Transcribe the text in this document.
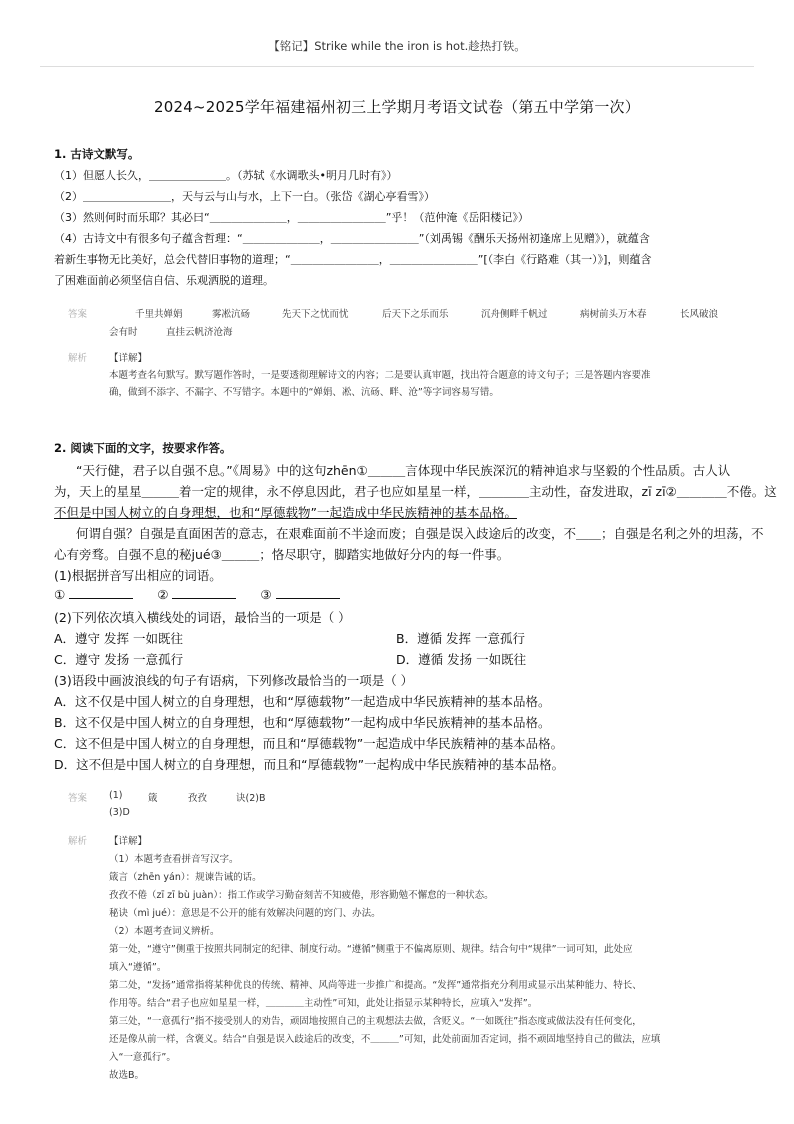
【铭记】Strike while the iron is hot.趁热打铁。
2024~2025学年福建福州初三上学期月考语文试卷（第五中学第一次）
1. 古诗文默写。
（1）但愿人长久，＿＿＿＿＿＿＿。（苏轼《水调歌头•明月几时有》）
（2）＿＿＿＿＿＿＿＿，天与云与山与水，上下一白。（张岱《湖心亭看雪》）
（3）然则何时而乐耶？其必曰“＿＿＿＿＿＿＿，＿＿＿＿＿＿＿＿”乎！（范仲淹《岳阳楼记》）
（4）古诗文中有很多句子蕴含哲理：“＿＿＿＿＿＿＿，＿＿＿＿＿＿＿＿”（刘禹锡《酬乐天扬州初逢席上见赠》），就蕴含
着新生事物无比美好，总会代替旧事物的道理；“＿＿＿＿＿＿＿＿，＿＿＿＿＿＿＿＿”[（李白《行路难（其一）》]，则蕴含
了困难面前必须坚信自信、乐观洒脱的道理。
答案	千里共婵娟	雾凇沆砀	先天下之忧而忧	后天下之乐而乐	沉舟侧畔千帆过	病树前头万木春	长风破浪
会有时	直挂云帆济沧海
解析 【详解】
本题考查名句默写。默写题作答时，一是要透彻理解诗文的内容；二是要认真审题，找出符合题意的诗文句子；三是答题内容要准
确，做到不添字、不漏字、不写错字。本题中的“婵娟、凇、沆砀、畔、沧”等字词容易写错。
2. 阅读下面的文字，按要求作答。
“天行健，君子以自强不息。”《周易》中的这句zhēn①＿＿＿言体现中华民族深沉的精神追求与坚毅的个性品质。古人认
为，天上的星星＿＿＿着一定的规律，永不停息因此，君子也应如星星一样，＿＿＿＿主动性，奋发进取，zī zī②＿＿＿＿不倦。这
不但是中国人树立的自身理想，也和“厚德载物”一起造成中华民族精神的基本品格。
何谓自强？自强是直面困苦的意志，在艰难面前不半途而废；自强是误入歧途后的改变，不＿＿；自强是名利之外的坦荡，不
心有旁骛。自强不息的秘jué③＿＿＿；恪尽职守，脚踏实地做好分内的每一件事。
(1)根据拼音写出相应的词语。
①	②	③
(2)下列依次填入横线处的词语，最恰当的一项是（ ）
A．遵守 发挥 一如既往	B．遵循 发挥 一意孤行
C．遵守 发扬 一意孤行	D．遵循 发扬 一如既往
(3)语段中画波浪线的句子有语病，下列修改最恰当的一项是（ ）
A．这不仅是中国人树立的自身理想，也和“厚德载物”一起造成中华民族精神的基本品格。
B．这不仅是中国人树立的自身理想，也和“厚德载物”一起构成中华民族精神的基本品格。
C．这不但是中国人树立的自身理想，而且和“厚德载物”一起造成中华民族精神的基本品格。
D．这不但是中国人树立的自身理想，而且和“厚德载物”一起构成中华民族精神的基本品格。
答案 (1)	箴	孜孜	诀(2)B
(3)D
解析 【详解】
（1）本题考查看拼音写汉字。
箴言（zhēn yán）：规谏告诫的话。
孜孜不倦（zī zī bù juàn）：指工作或学习勤奋刻苦不知疲倦，形容勤勉不懈怠的一种状态。
秘诀（mì jué）：意思是不公开的能有效解决问题的窍门、办法。
（2）本题考查词义辨析。
第一处，“遵守”侧重于按照共同制定的纪律、制度行动。“遵循”侧重于不偏离原则、规律。结合句中“规律”一词可知，此处应
填入“遵循”。
第二处，“发扬”通常指将某种优良的传统、精神、风尚等进一步推广和提高。“发挥”通常指充分利用或显示出某种能力、特长、
作用等。结合“君子也应如星星一样，＿＿＿＿主动性”可知，此处让指显示某种特长，应填入“发挥”。
第三处，“一意孤行”指不接受别人的劝告，顽固地按照自己的主观想法去做，含贬义。“一如既往”指态度或做法没有任何变化，
还是像从前一样，含褒义。结合“自强是误入歧途后的改变，不＿＿＿”可知，此处前面加否定词，指不顽固地坚持自己的做法，应填
入“一意孤行”。
故选B。
